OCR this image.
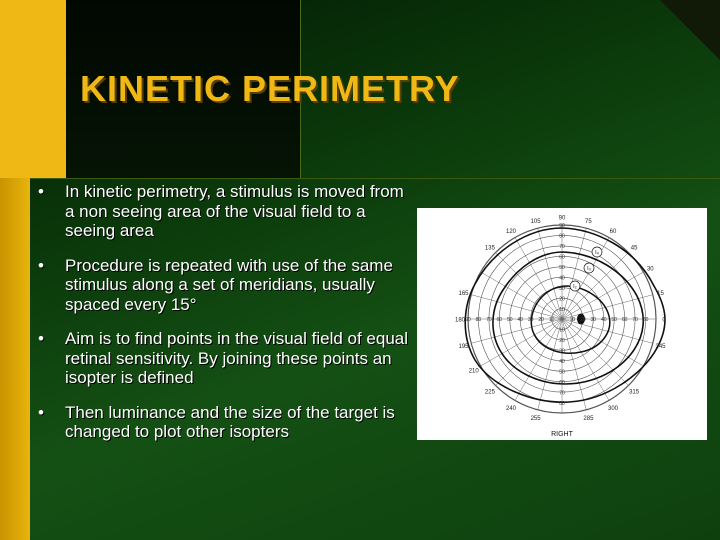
KINETIC PERIMETRY
• In kinetic perimetry, a stimulus is moved from a non seeing area of the visual field to a seeing area
• Procedure is repeated with use of the same stimulus along a set of meridians, usually spaced every 15°
• Aim is to find points in the visual field of equal retinal sensitivity. By joining these points an isopter is defined
• Then luminance and the size of the target is changed to plot other isopters
0
15
30
45
60
75
90
105
120
135
165
180
195
210
225
240
255	285
300
315
345
90
80
70
60
50
40
30
20
10
10
20
30
40
50
60
70
80
90 80 70 60 50 40 30 20 10	10 20 30 40 50 60 70 80
I₄
I₃
I₂
RIGHT
